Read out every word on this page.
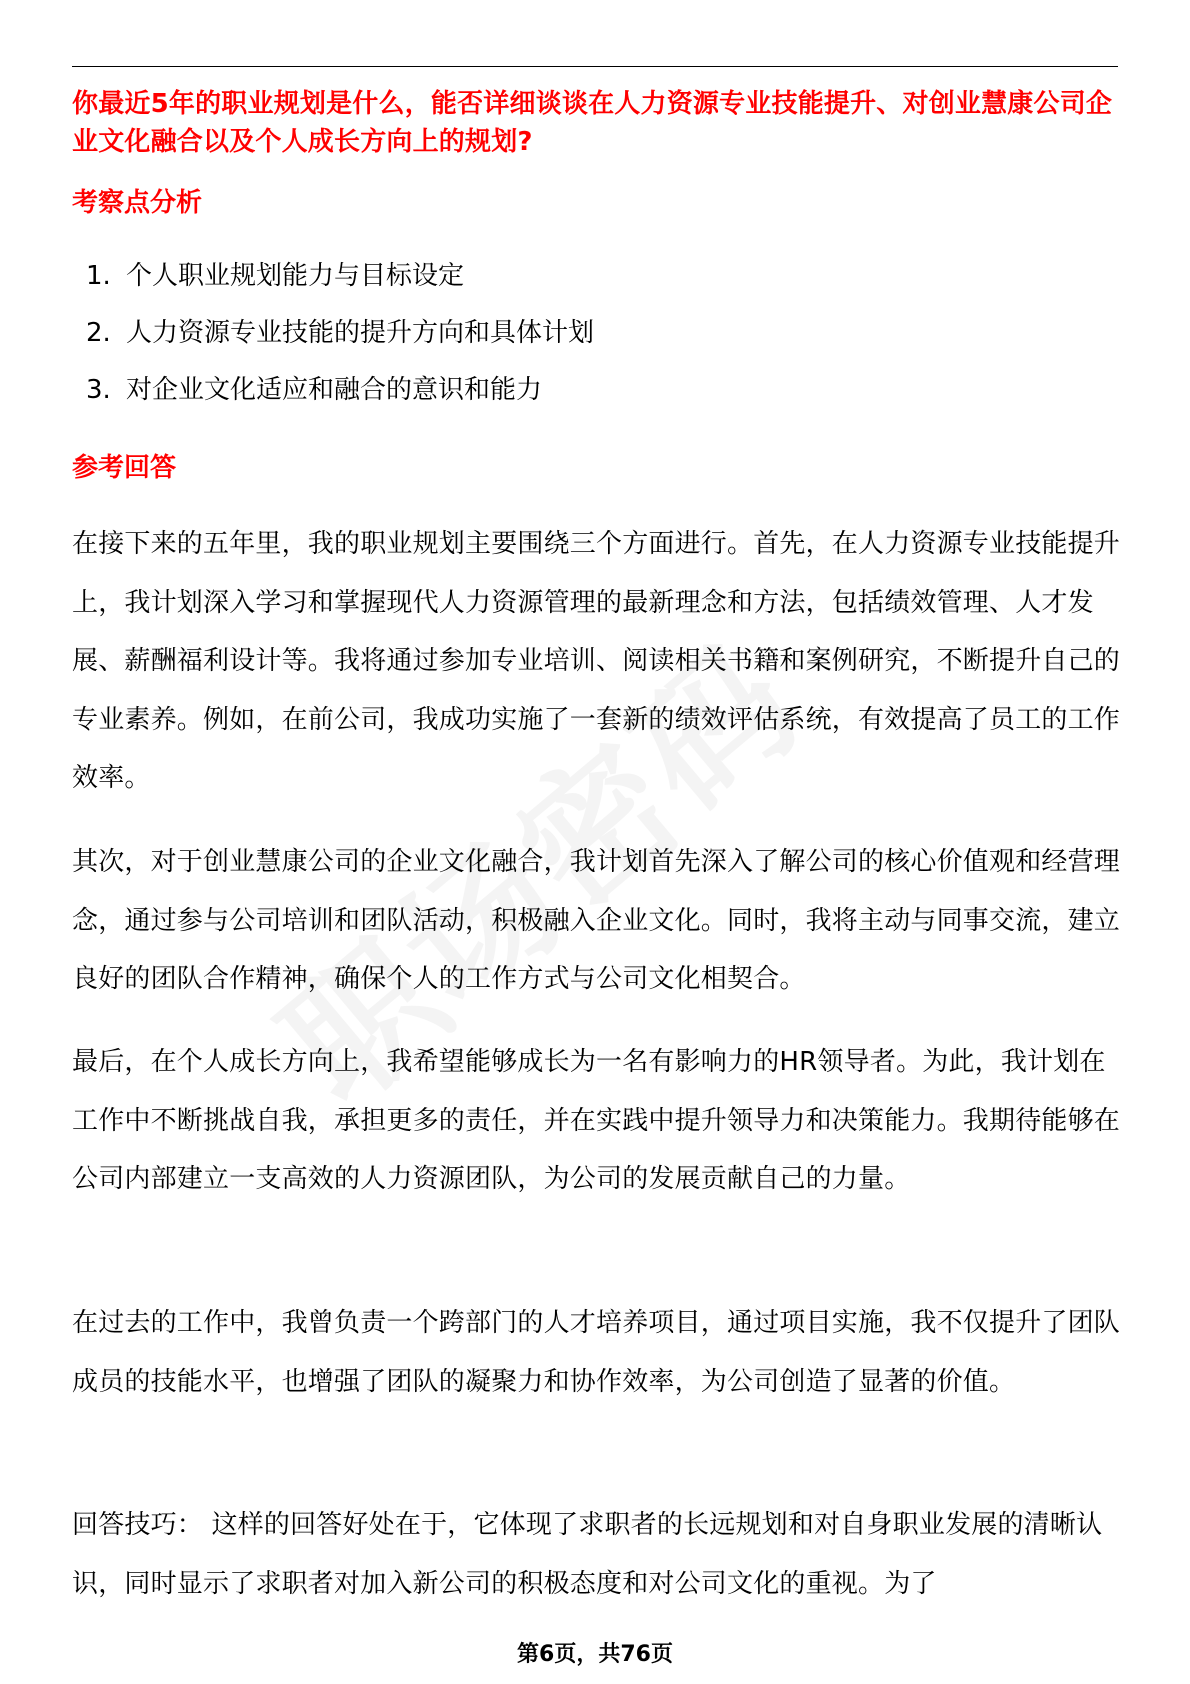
你最近5年的职业规划是什么，能否详细谈谈在人力资源专业技能提升、对创业慧康公司企业文化融合以及个人成长方向上的规划?
考察点分析
1. 个人职业规划能力与目标设定
2. 人力资源专业技能的提升方向和具体计划
3. 对企业文化适应和融合的意识和能力
参考回答
在接下来的五年里，我的职业规划主要围绕三个方面进行。首先，在人力资源专业技能提升上，我计划深入学习和掌握现代人力资源管理的最新理念和方法，包括绩效管理、人才发展、薪酬福利设计等。我将通过参加专业培训、阅读相关书籍和案例研究，不断提升自己的专业素养。例如，在前公司，我成功实施了一套新的绩效评估系统，有效提高了员工的工作效率。
其次，对于创业慧康公司的企业文化融合，我计划首先深入了解公司的核心价值观和经营理念，通过参与公司培训和团队活动，积极融入企业文化。同时，我将主动与同事交流，建立良好的团队合作精神，确保个人的工作方式与公司文化相契合。
最后，在个人成长方向上，我希望能够成长为一名有影响力的HR领导者。为此，我计划在工作中不断挑战自我，承担更多的责任，并在实践中提升领导力和决策能力。我期待能够在公司内部建立一支高效的人力资源团队，为公司的发展贡献自己的力量。
在过去的工作中，我曾负责一个跨部门的人才培养项目，通过项目实施，我不仅提升了团队成员的技能水平，也增强了团队的凝聚力和协作效率，为公司创造了显著的价值。
回答技巧： 这样的回答好处在于，它体现了求职者的长远规划和对自身职业发展的清晰认识，同时显示了求职者对加入新公司的积极态度和对公司文化的重视。为了
第6页，共76页
